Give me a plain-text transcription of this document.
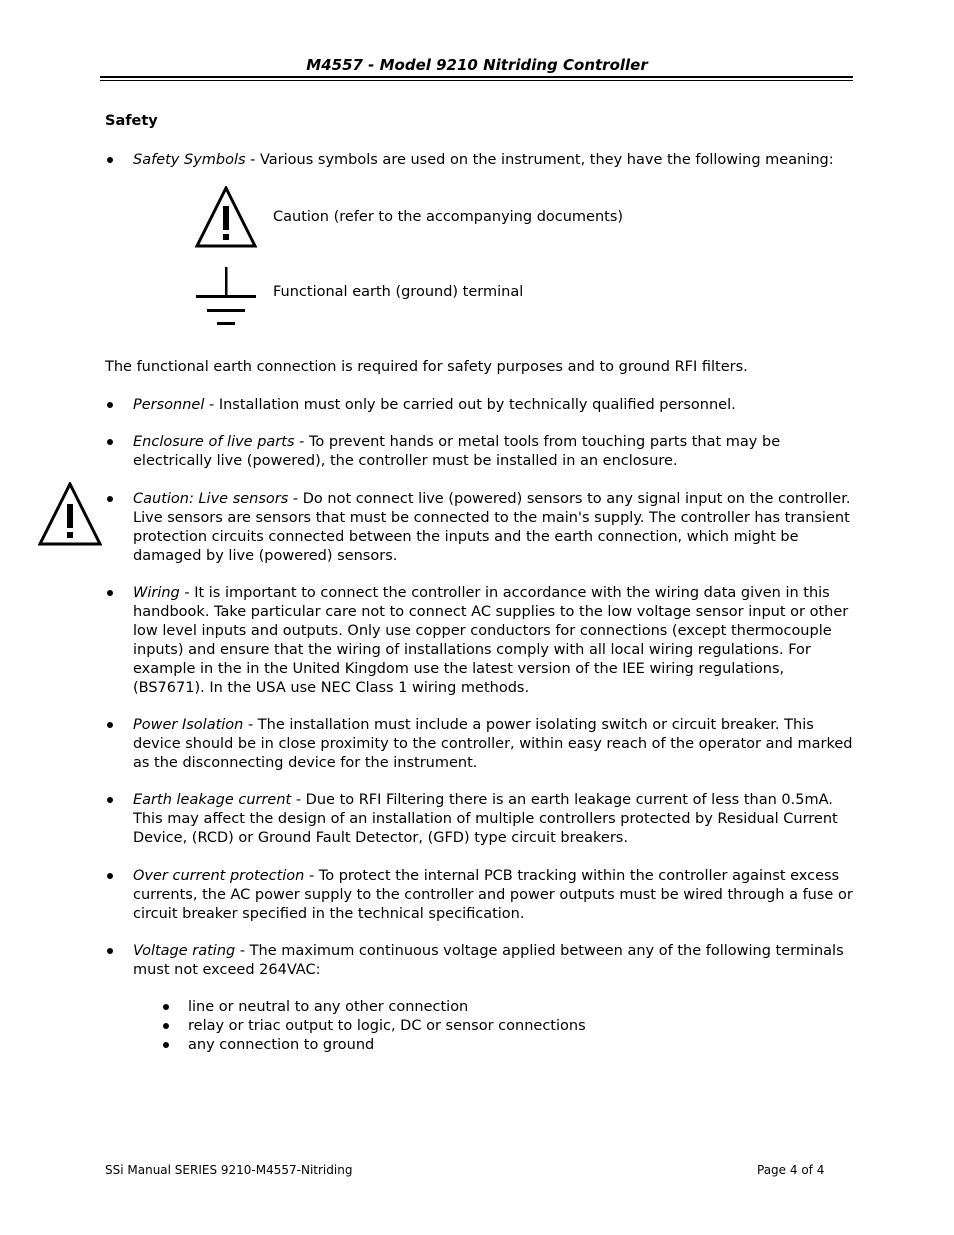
M4557 - Model 9210 Nitriding Controller
Safety
Safety Symbols - Various symbols are used on the instrument, they have the following meaning:
Caution (refer to the accompanying documents)
Functional earth (ground) terminal
The functional earth connection is required for safety purposes and to ground RFI filters.
Personnel - Installation must only be carried out by technically qualified personnel.
Enclosure of live parts - To prevent hands or metal tools from touching parts that may be electrically live (powered), the controller must be installed in an enclosure.
Caution: Live sensors - Do not connect live (powered) sensors to any signal input on the controller. Live sensors are sensors that must be connected to the main's supply. The controller has transient protection circuits connected between the inputs and the earth connection, which might be damaged by live (powered) sensors.
Wiring - It is important to connect the controller in accordance with the wiring data given in this handbook. Take particular care not to connect AC supplies to the low voltage sensor input or other low level inputs and outputs. Only use copper conductors for connections (except thermocouple inputs) and ensure that the wiring of installations comply with all local wiring regulations. For example in the in the United Kingdom use the latest version of the IEE wiring regulations, (BS7671). In the USA use NEC Class 1 wiring methods.
Power Isolation - The installation must include a power isolating switch or circuit breaker. This device should be in close proximity to the controller, within easy reach of the operator and marked as the disconnecting device for the instrument.
Earth leakage current - Due to RFI Filtering there is an earth leakage current of less than 0.5mA. This may affect the design of an installation of multiple controllers protected by Residual Current Device, (RCD) or Ground Fault Detector, (GFD) type circuit breakers.
Over current protection - To protect the internal PCB tracking within the controller against excess currents, the AC power supply to the controller and power outputs must be wired through a fuse or circuit breaker specified in the technical specification.
Voltage rating - The maximum continuous voltage applied between any of the following terminals must not exceed 264VAC:
line or neutral to any other connection
relay or triac output to logic, DC or sensor connections
any connection to ground
SSi Manual SERIES 9210-M4557-Nitriding	Page 4 of 4
